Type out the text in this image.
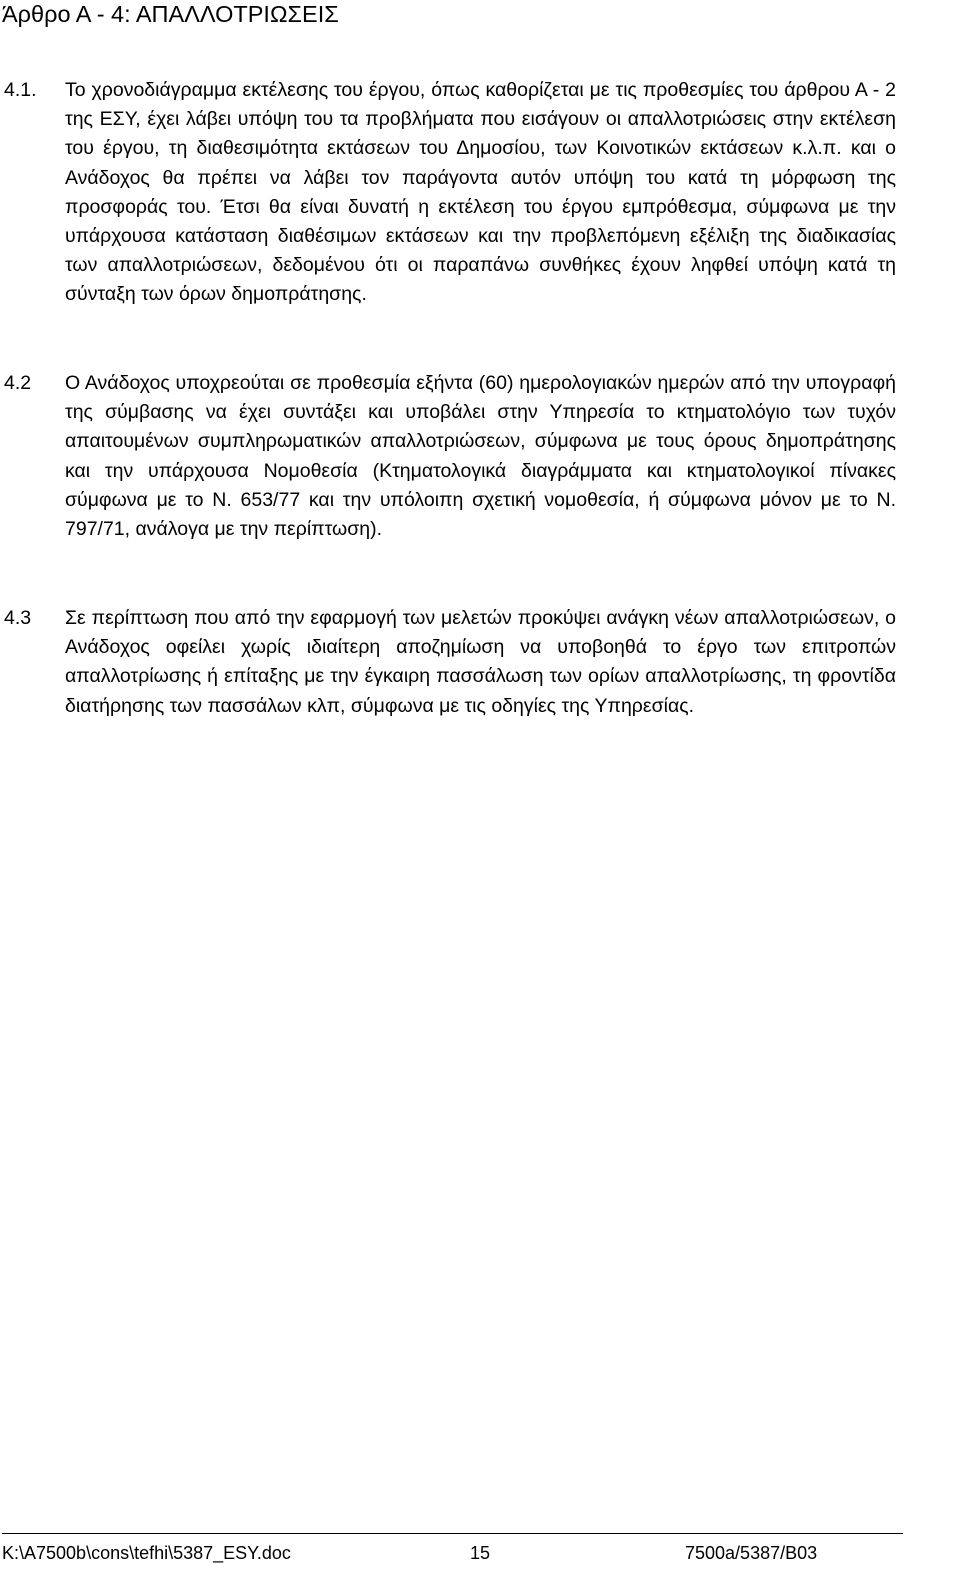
Άρθρο Α - 4: ΑΠΑΛΛΟΤΡΙΩΣΕΙΣ
4.1. Το χρονοδιάγραμμα εκτέλεσης του έργου, όπως καθορίζεται με τις προθεσμίες του άρθρου Α - 2 της ΕΣΥ, έχει λάβει υπόψη του τα προβλήματα που εισάγουν οι απαλλοτριώσεις στην εκτέλεση του έργου, τη διαθεσιμότητα εκτάσεων του Δημοσίου, των Κοινοτικών εκτάσεων κ.λ.π. και ο Ανάδοχος θα πρέπει να λάβει τον παράγοντα αυτόν υπόψη του κατά τη μόρφωση της προσφοράς του. Έτσι θα είναι δυνατή η εκτέλεση του έργου εμπρόθεσμα, σύμφωνα με την υπάρχουσα κατάσταση διαθέσιμων εκτάσεων και την προβλεπόμενη εξέλιξη της διαδικασίας των απαλλοτριώσεων, δεδομένου ότι οι παραπάνω συνθήκες έχουν ληφθεί υπόψη κατά τη σύνταξη των όρων δημοπράτησης.

4.2 Ο Ανάδοχος υποχρεούται σε προθεσμία εξήντα (60) ημερολογιακών ημερών από την υπογραφή της σύμβασης να έχει συντάξει και υποβάλει στην Υπηρεσία το κτηματολόγιο των τυχόν απαιτουμένων συμπληρωματικών απαλλοτριώσεων, σύμφωνα με τους όρους δημοπράτησης και την υπάρχουσα Νομοθεσία (Κτηματολογικά διαγράμματα και κτηματολογικοί πίνακες σύμφωνα με το Ν. 653/77 και την υπόλοιπη σχετική νομοθεσία, ή σύμφωνα μόνον με το Ν. 797/71, ανάλογα με την περίπτωση).

4.3 Σε περίπτωση που από την εφαρμογή των μελετών προκύψει ανάγκη νέων απαλλοτριώσεων, ο Ανάδοχος οφείλει χωρίς ιδιαίτερη αποζημίωση να υποβοηθά το έργο των επιτροπών απαλλοτρίωσης ή επίταξης με την έγκαιρη πασσάλωση των ορίων απαλλοτρίωσης, τη φροντίδα διατήρησης των πασσάλων κλπ, σύμφωνα με τις οδηγίες της Υπηρεσίας.

K:\A7500b\cons\tefhi\5387_ESY.doc	15	7500a/5387/B03
